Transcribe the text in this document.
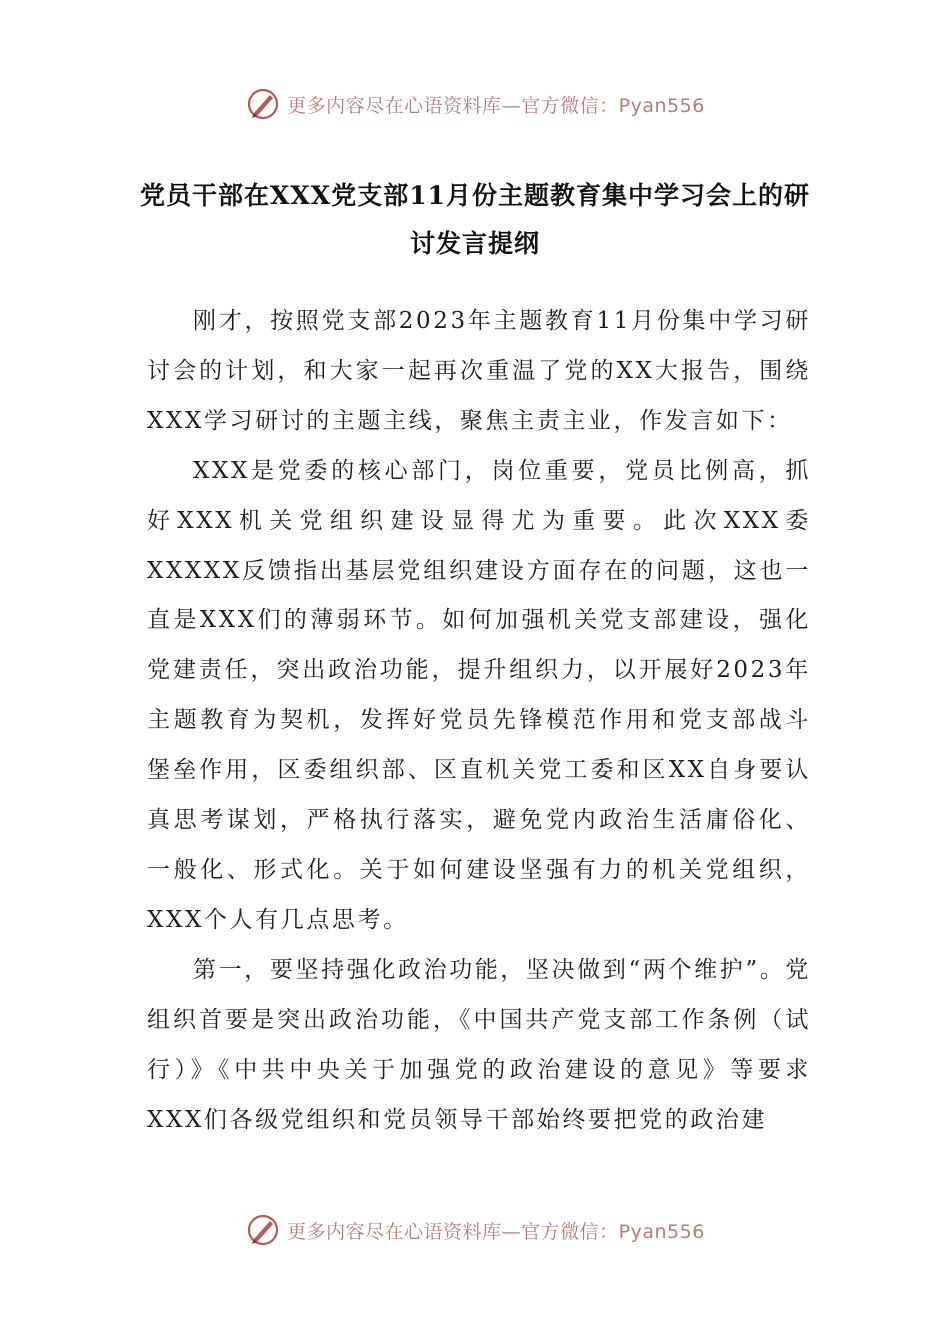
更多内容尽在心语资料库—官方微信：Pyan556
党员干部在XXX党支部11月份主题教育集中学习会上的研讨发言提纲

刚才，按照党支部2023年主题教育11月份集中学习研讨会的计划，和大家一起再次重温了党的XX大报告，围绕XXX学习研讨的主题主线，聚焦主责主业，作发言如下：

XXX是党委的核心部门，岗位重要，党员比例高，抓好XXX机关党组织建设显得尤为重要。此次XXX委XXXXX反馈指出基层党组织建设方面存在的问题，这也一直是XXX们的薄弱环节。如何加强机关党支部建设，强化党建责任，突出政治功能，提升组织力，以开展好2023年主题教育为契机，发挥好党员先锋模范作用和党支部战斗堡垒作用，区委组织部、区直机关党工委和区XX自身要认真思考谋划，严格执行落实，避免党内政治生活庸俗化、一般化、形式化。关于如何建设坚强有力的机关党组织，XXX个人有几点思考。

第一，要坚持强化政治功能，坚决做到“两个维护”。党组织首要是突出政治功能，《中国共产党支部工作条例（试行）》《中共中央关于加强党的政治建设的意见》等要求XXX们各级党组织和党员领导干部始终要把党的政治建

更多内容尽在心语资料库—官方微信：Pyan556
